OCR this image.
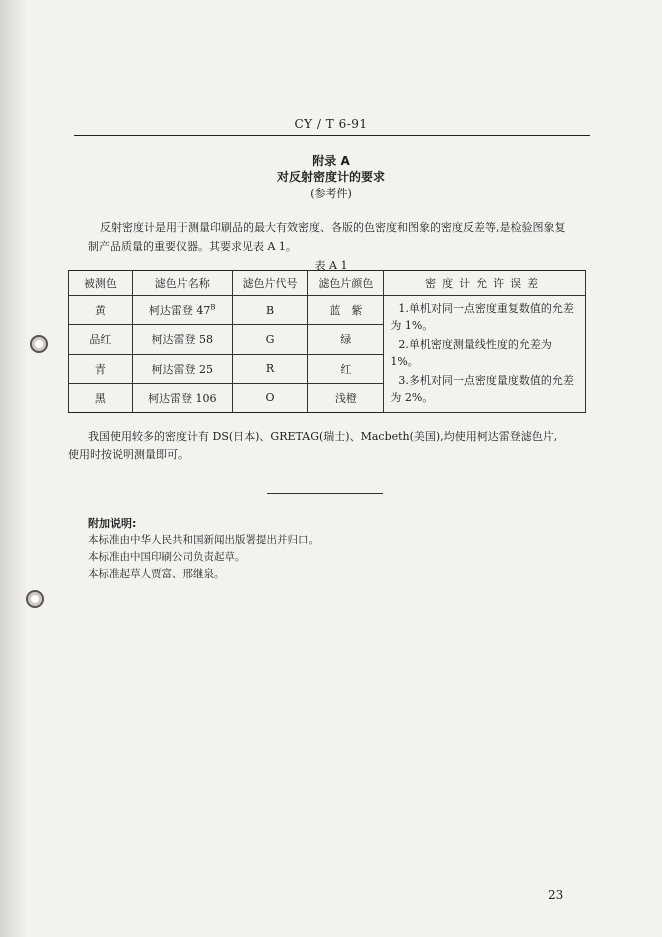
CY / T 6-91
附录 A
对反射密度计的要求
(参考件)
反射密度计是用于测量印刷品的最大有效密度、各版的色密度和图象的密度反差等,是检验图象复
制产品质量的重要仪器。其要求见表 A 1。
表 A 1
被测色	滤色片名称	滤色片代号	滤色片颜色	密度计允许误差
黄	柯达雷登 $47^B$	B	蓝　紫	1.单机对同一点密度重复数值的允差为 1%。

2.单机密度测量线性度的允差为 1%。

3.多机对同一点密度量度数值的允差为 2%。

品红	柯达雷登 58	G	绿	
青	柯达雷登 25	R	红	
黑	柯达雷登 106	O	浅橙	
我国使用较多的密度计有 DS(日本)、GRETAG(瑞士)、Macbeth(美国),均使用柯达雷登滤色片,
使用时按说明测量即可。
附加说明:
本标准由中华人民共和国新闻出版署提出并归口。
本标准由中国印刷公司负责起草。
本标准起草人贾富、邢继泉。
23
